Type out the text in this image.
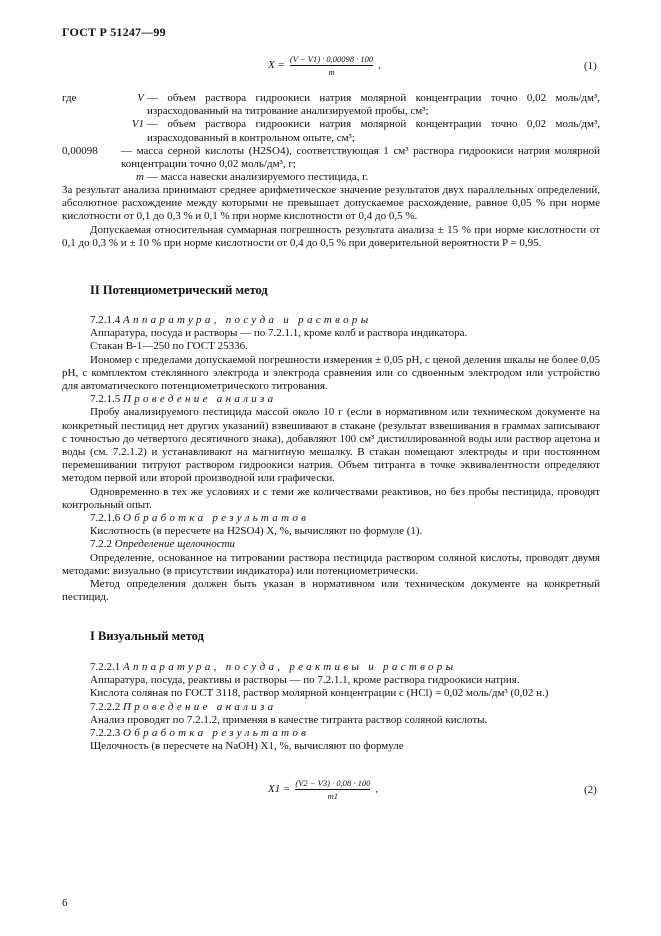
ГОСТ Р 51247—99
$X = \frac{(V - V1) \cdot 0,00098 \cdot 100}{m}$ ,	(1)
где	V — объем раствора гидроокиси натрия молярной концентрации точно 0,02 моль/дм³, израсходованный на титрование анализируемой пробы, см³;
V1 — объем раствора гидроокиси натрия молярной концентрации точно 0,02 моль/дм³, израсходованный в контрольном опыте, см³;
0,00098	— масса серной кислоты (H2SO4), соответствующая 1 см³ раствора гидроокиси натрия молярной концентрации точно 0,02 моль/дм³, г;
m — масса навески анализируемого пестицида, г.

За результат анализа принимают среднее арифметическое значение результатов двух параллельных определений, абсолютное расхождение между которыми не превышает допускаемое расхождение, равное 0,05 % при норме кислотности от 0,1 до 0,3 % и 0,1 % при норме кислотности от 0,4 до 0,5 %.

Допускаемая относительная суммарная погрешность результата анализа ± 15 % при норме кислотности от 0,1 до 0,3 % и ± 10 % при норме кислотности от 0,4 до 0,5 % при доверительной вероятности P = 0,95.

II Потенциометрический метод

7.2.1.4 Аппаратура, посуда и растворы

Аппаратура, посуда и растворы — по 7.2.1.1, кроме колб и раствора индикатора.

Стакан В-1—250 по ГОСТ 25336.

Иономер с пределами допускаемой погрешности измерения ± 0,05 pH, с ценой деления шкалы не более 0,05 pH, с комплектом стеклянного электрода и электрода сравнения или со сдвоенным электродом или устройство для автоматического потенциометрического титрования.

7.2.1.5 Проведение анализа

Пробу анализируемого пестицида массой около 10 г (если в нормативном или техническом документе на конкретный пестицид нет других указаний) взвешивают в стакане (результат взвешивания в граммах записывают с точностью до четвертого десятичного знака), добавляют 100 см³ дистиллированной воды или раствор ацетона и воды (см. 7.2.1.2) и устанавливают на магнитную мешалку. В стакан помещают электроды и при постоянном перемешивании титруют раствором гидроокиси натрия. Объем титранта в точке эквивалентности определяют методом первой или второй производной или графически.

Одновременно в тех же условиях и с теми же количествами реактивов, но без пробы пестицида, проводят контрольный опыт.

7.2.1.6 Обработка результатов

Кислотность (в пересчете на H2SO4) X, %, вычисляют по формуле (1).

7.2.2 Определение щелочности

Определение, основанное на титровании раствора пестицида раствором соляной кислоты, проводят двумя методами: визуально (в присутствии индикатора) или потенциометрически.

Метод определения должен быть указан в нормативном или техническом документе на конкретный пестицид.

I Визуальный метод

7.2.2.1 Аппаратура, посуда, реактивы и растворы

Аппаратура, посуда, реактивы и растворы — по 7.2.1.1, кроме раствора гидроокиси натрия.

Кислота соляная по ГОСТ 3118, раствор молярной концентрации c (HCl) = 0,02 моль/дм³ (0,02 н.)

7.2.2.2 Проведение анализа

Анализ проводят по 7.2.1.2, применяя в качестве титранта раствор соляной кислоты.

7.2.2.3 Обработка результатов

Щелочность (в пересчете на NaOH) X1, %, вычисляют по формуле

$X1 = \frac{(V2 - V3) \cdot 0,08 \cdot 100}{m1}$ ,	(2)
6
